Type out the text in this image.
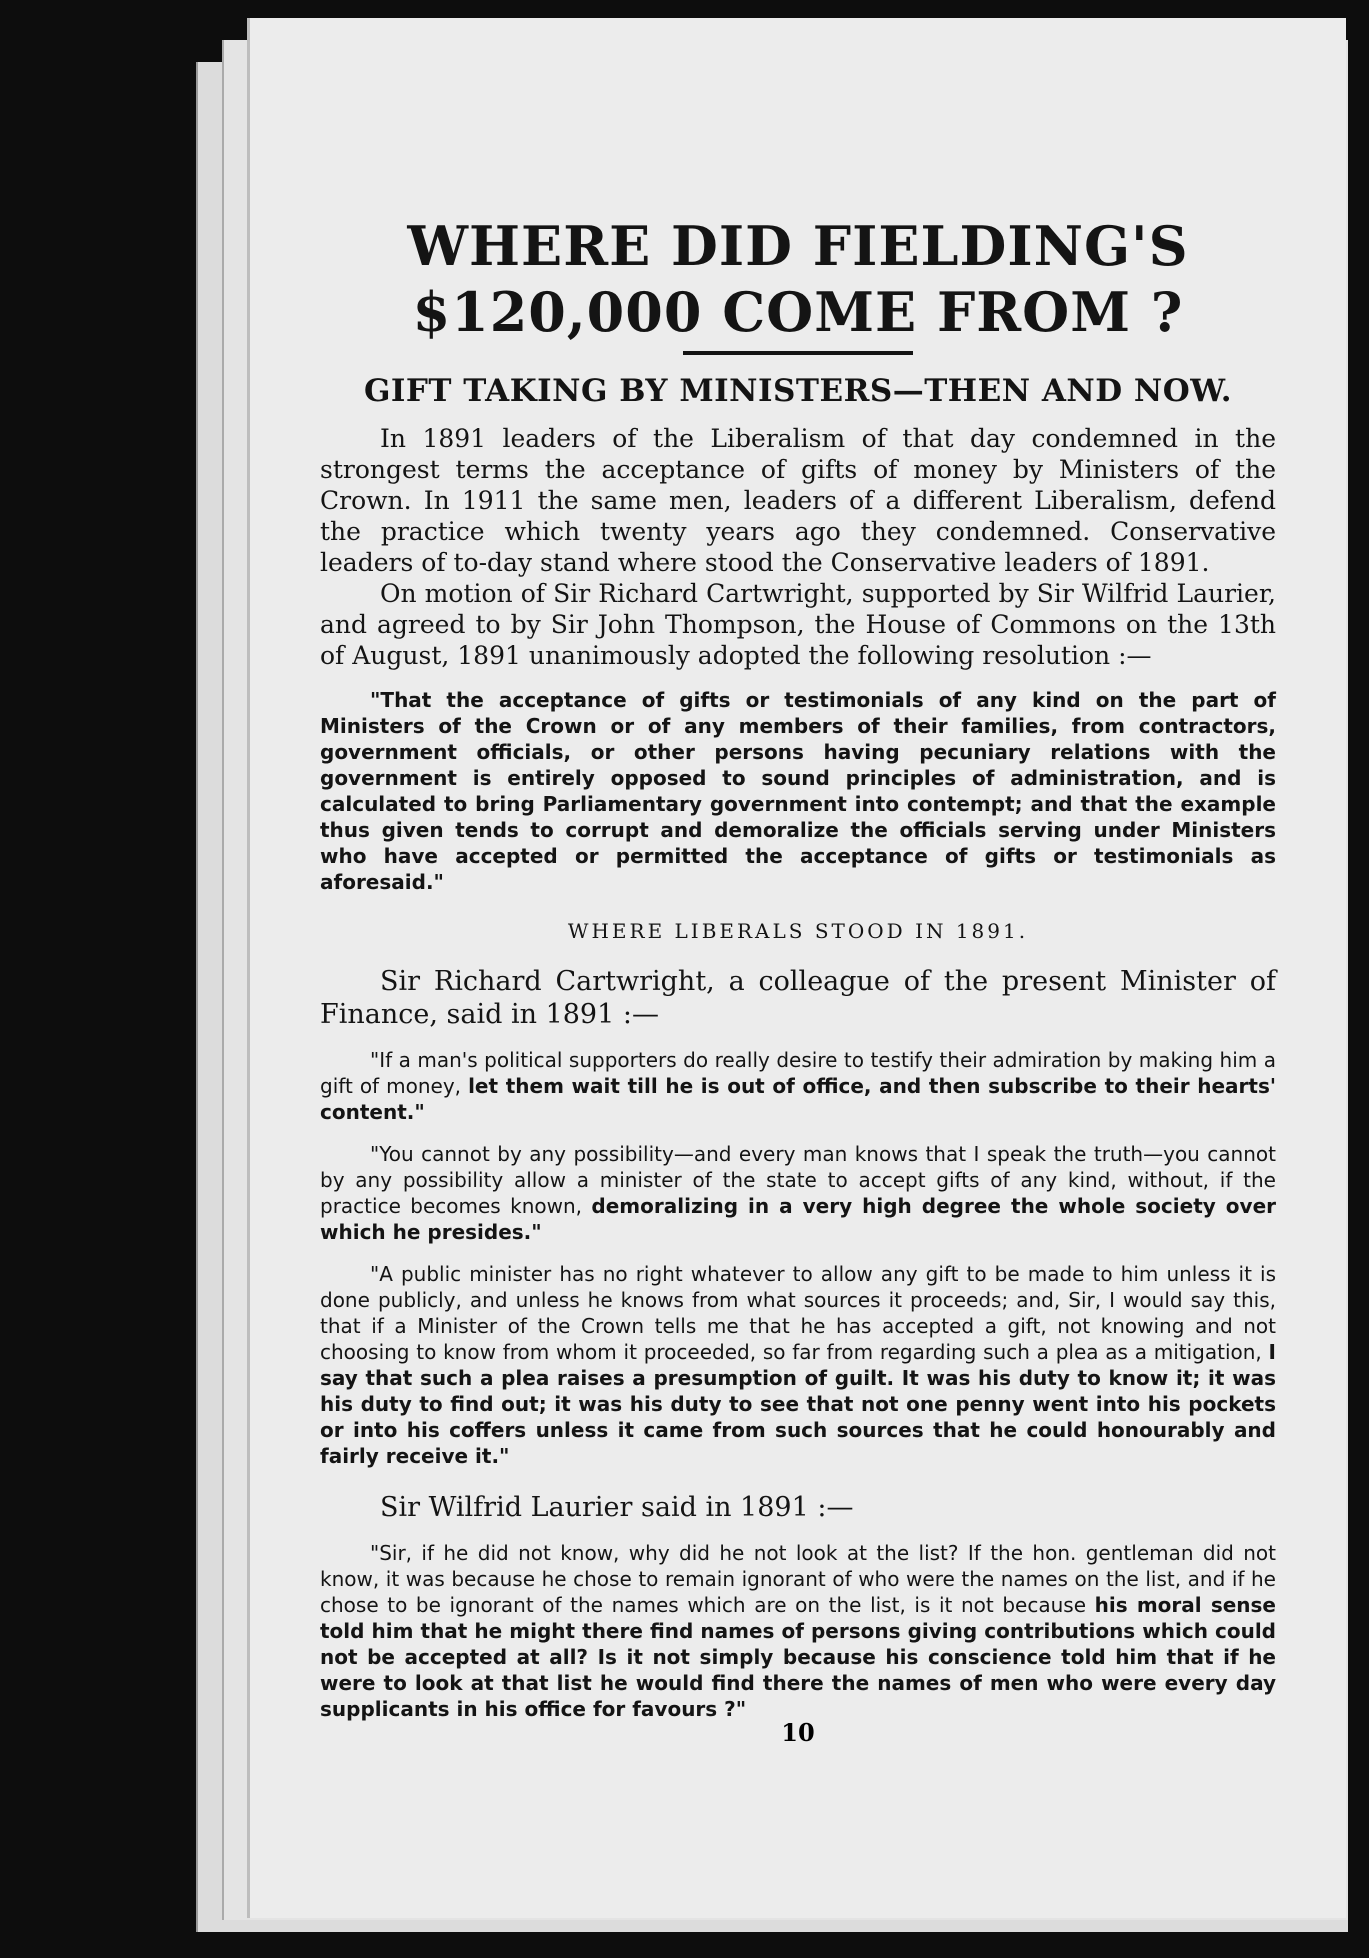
WHERE DID FIELDING'S $120,000 COME FROM ?
GIFT TAKING BY MINISTERS—THEN AND NOW.

In 1891 leaders of the Liberalism of that day condemned in the strongest terms the acceptance of gifts of money by Ministers of the Crown. In 1911 the same men, leaders of a different Liberalism, defend the practice which twenty years ago they condemned. Conservative leaders of to-day stand where stood the Conservative leaders of 1891.

On motion of Sir Richard Cartwright, supported by Sir Wilfrid Laurier, and agreed to by Sir John Thompson, the House of Commons on the 13th of August, 1891 unanimously adopted the following resolution :—

"That the acceptance of gifts or testimonials of any kind on the part of Ministers of the Crown or of any members of their families, from contractors, government officials, or other persons having pecuniary relations with the government is entirely opposed to sound principles of administration, and is calculated to bring Parliamentary government into contempt; and that the example thus given tends to corrupt and demoralize the officials serving under Ministers who have accepted or permitted the acceptance of gifts or testimonials as aforesaid."

WHERE LIBERALS STOOD IN 1891.

Sir Richard Cartwright, a colleague of the present Minister of Finance, said in 1891 :—

"If a man's political supporters do really desire to testify their admiration by making him a gift of money, let them wait till he is out of office, and then subscribe to their hearts' content."

"You cannot by any possibility—and every man knows that I speak the truth—you cannot by any possibility allow a minister of the state to accept gifts of any kind, without, if the practice becomes known, demoralizing in a very high degree the whole society over which he presides."

"A public minister has no right whatever to allow any gift to be made to him unless it is done publicly, and unless he knows from what sources it proceeds; and, Sir, I would say this, that if a Minister of the Crown tells me that he has accepted a gift, not knowing and not choosing to know from whom it proceeded, so far from regarding such a plea as a mitigation, I say that such a plea raises a presumption of guilt. It was his duty to know it; it was his duty to find out; it was his duty to see that not one penny went into his pockets or into his coffers unless it came from such sources that he could honourably and fairly receive it."

Sir Wilfrid Laurier said in 1891 :—

"Sir, if he did not know, why did he not look at the list? If the hon. gentleman did not know, it was because he chose to remain ignorant of who were the names on the list, and if he chose to be ignorant of the names which are on the list, is it not because his moral sense told him that he might there find names of persons giving contributions which could not be accepted at all? Is it not simply because his conscience told him that if he were to look at that list he would find there the names of men who were every day supplicants in his office for favours ?"

10
